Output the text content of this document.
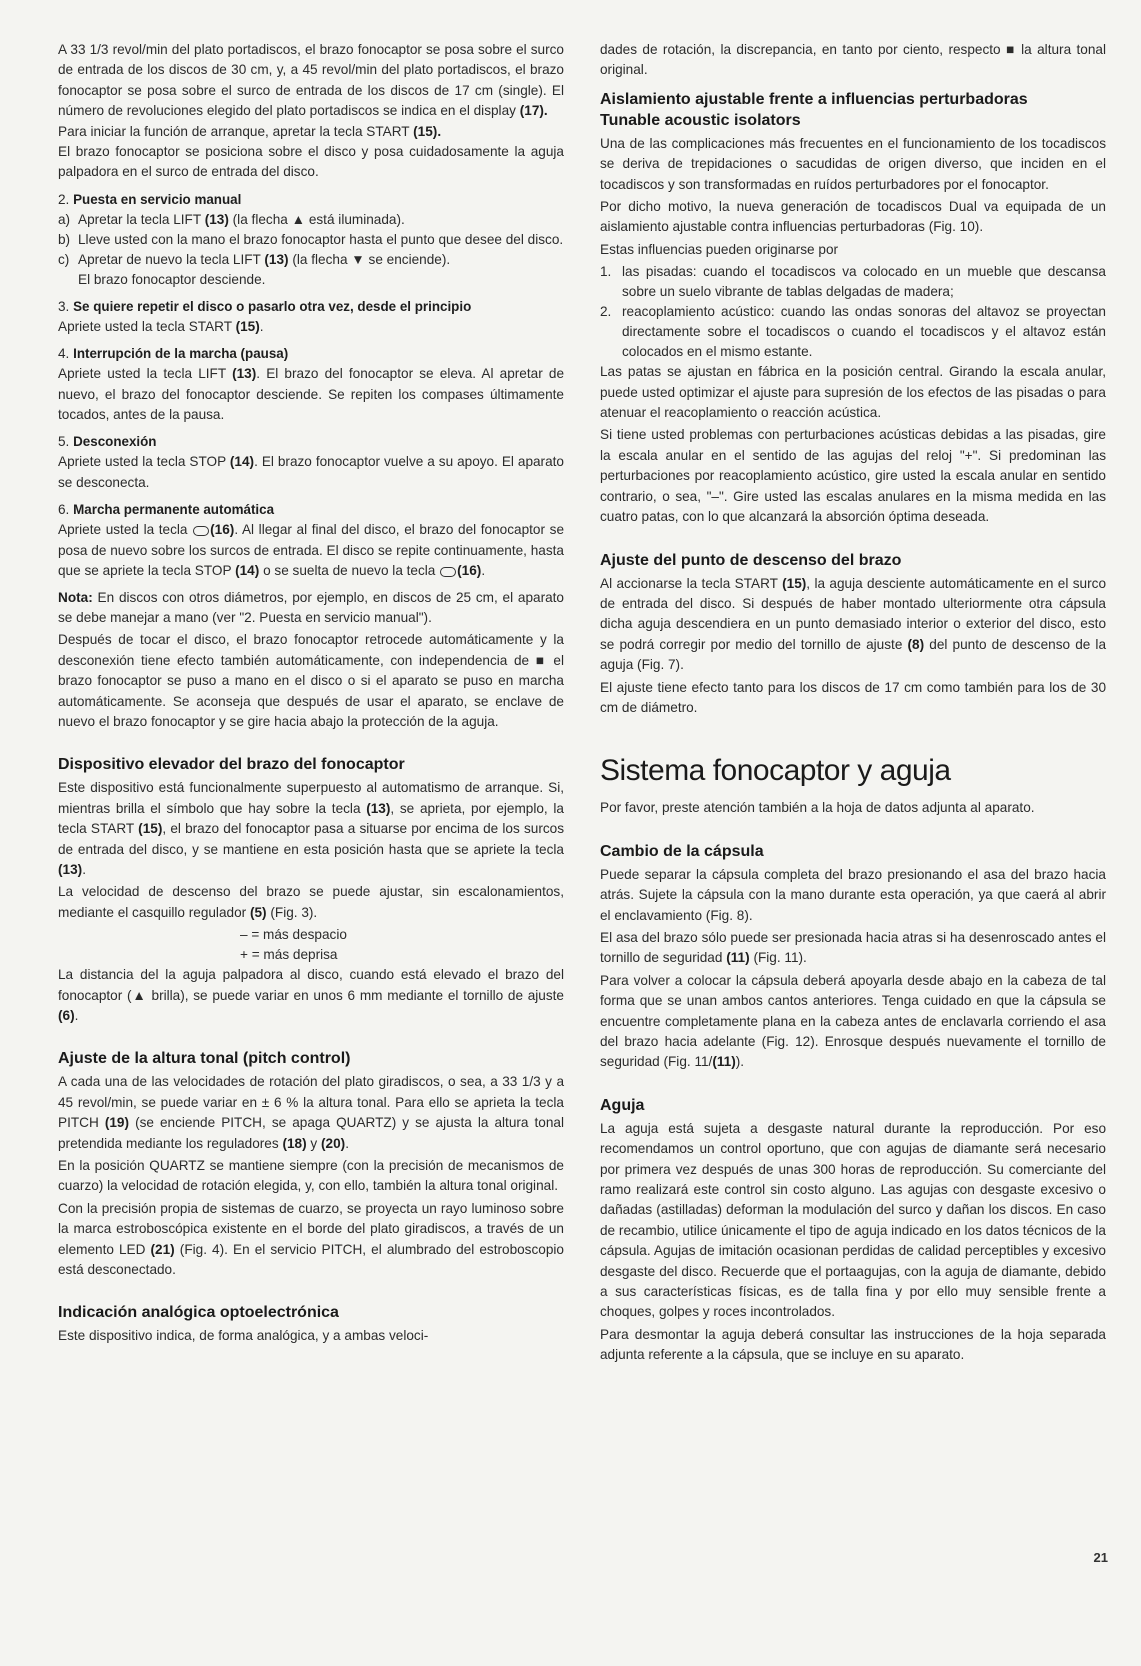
A 33 1/3 revol/min del plato portadiscos, el brazo fonocaptor se posa sobre el surco de entrada de los discos de 30 cm, y, a 45 revol/min del plato portadiscos, el brazo fonocaptor se posa sobre el surco de entrada de los discos de 17 cm (single). El número de revoluciones elegido del plato portadiscos se indica en el display (17).
Para iniciar la función de arranque, apretar la tecla START (15).
El brazo fonocaptor se posiciona sobre el disco y posa cuidadosamente la aguja palpadora en el surco de entrada del disco.

2. Puesta en servicio manual
a) Apretar la tecla LIFT (13) (la flecha ▲ está iluminada).
b) Lleve usted con la mano el brazo fonocaptor hasta el punto que desee del disco.
c) Apretar de nuevo la tecla LIFT (13) (la flecha ▼ se enciende).
El brazo fonocaptor desciende.
3. Se quiere repetir el disco o pasarlo otra vez, desde el principio

Apriete usted la tecla START (15).

4. Interrupción de la marcha (pausa)

Apriete usted la tecla LIFT (13). El brazo del fonocaptor se eleva. Al apretar de nuevo, el brazo del fonocaptor desciende. Se repiten los compases últimamente tocados, antes de la pausa.

5. Desconexión

Apriete usted la tecla STOP (14). El brazo fonocaptor vuelve a su apoyo. El aparato se desconecta.

6. Marcha permanente automática

Apriete usted la tecla (16). Al llegar al final del disco, el brazo del fonocaptor se posa de nuevo sobre los surcos de entrada. El disco se repite continuamente, hasta que se apriete la tecla STOP (14) o se suelta de nuevo la tecla (16).

Nota: En discos con otros diámetros, por ejemplo, en discos de 25 cm, el aparato se debe manejar a mano (ver "2. Puesta en servicio manual").

Después de tocar el disco, el brazo fonocaptor retrocede automáticamente y la desconexión tiene efecto también automáticamente, con independencia de ■ el brazo fonocaptor se puso a mano en el disco o si el aparato se puso en marcha automáticamente. Se aconseja que después de usar el aparato, se enclave de nuevo el brazo fonocaptor y se gire hacia abajo la protección de la aguja.

Dispositivo elevador del brazo del fonocaptor

Este dispositivo está funcionalmente superpuesto al automatismo de arranque. Si, mientras brilla el símbolo que hay sobre la tecla (13), se aprieta, por ejemplo, la tecla START (15), el brazo del fonocaptor pasa a situarse por encima de los surcos de entrada del disco, y se mantiene en esta posición hasta que se apriete la tecla (13).

La velocidad de descenso del brazo se puede ajustar, sin escalonamientos, mediante el casquillo regulador (5) (Fig. 3).

– = más despacio
+ = más deprisa

La distancia del la aguja palpadora al disco, cuando está elevado el brazo del fonocaptor (▲ brilla), se puede variar en unos 6 mm mediante el tornillo de ajuste (6).

Ajuste de la altura tonal (pitch control)

A cada una de las velocidades de rotación del plato giradiscos, o sea, a 33 1/3 y a 45 revol/min, se puede variar en ± 6 % la altura tonal. Para ello se aprieta la tecla PITCH (19) (se enciende PITCH, se apaga QUARTZ) y se ajusta la altura tonal pretendida mediante los reguladores (18) y (20).

En la posición QUARTZ se mantiene siempre (con la precisión de mecanismos de cuarzo) la velocidad de rotación elegida, y, con ello, también la altura tonal original.

Con la precisión propia de sistemas de cuarzo, se proyecta un rayo luminoso sobre la marca estroboscópica existente en el borde del plato giradiscos, a través de un elemento LED (21) (Fig. 4). En el servicio PITCH, el alumbrado del estroboscopio está desconectado.

Indicación analógica optoelectrónica

Este dispositivo indica, de forma analógica, y a ambas veloci-

dades de rotación, la discrepancia, en tanto por ciento, respecto ■ la altura tonal original.

Aislamiento ajustable frente a influencias perturbadoras
Tunable acoustic isolators

Una de las complicaciones más frecuentes en el funcionamiento de los tocadiscos se deriva de trepidaciones o sacudidas de origen diverso, que inciden en el tocadiscos y son transformadas en ruídos perturbadores por el fonocaptor.

Por dicho motivo, la nueva generación de tocadiscos Dual va equipada de un aislamiento ajustable contra influencias perturbadoras (Fig. 10).

Estas influencias pueden originarse por

1. las pisadas: cuando el tocadiscos va colocado en un mueble que descansa sobre un suelo vibrante de tablas delgadas de madera;
2. reacoplamiento acústico: cuando las ondas sonoras del altavoz se proyectan directamente sobre el tocadiscos o cuando el tocadiscos y el altavoz están colocados en el mismo estante.

Las patas se ajustan en fábrica en la posición central. Girando la escala anular, puede usted optimizar el ajuste para supresión de los efectos de las pisadas o para atenuar el reacoplamiento o reacción acústica.

Si tiene usted problemas con perturbaciones acústicas debidas a las pisadas, gire la escala anular en el sentido de las agujas del reloj "+". Si predominan las perturbaciones por reacoplamiento acústico, gire usted la escala anular en sentido contrario, o sea, "–". Gire usted las escalas anulares en la misma medida en las cuatro patas, con lo que alcanzará la absorción óptima deseada.

Ajuste del punto de descenso del brazo

Al accionarse la tecla START (15), la aguja desciente automáticamente en el surco de entrada del disco. Si después de haber montado ulteriormente otra cápsula dicha aguja descendiera en un punto demasiado interior o exterior del disco, esto se podrá corregir por medio del tornillo de ajuste (8) del punto de descenso de la aguja (Fig. 7).

El ajuste tiene efecto tanto para los discos de 17 cm como también para los de 30 cm de diámetro.

Sistema fonocaptor y aguja

Por favor, preste atención también a la hoja de datos adjunta al aparato.

Cambio de la cápsula

Puede separar la cápsula completa del brazo presionando el asa del brazo hacia atrás. Sujete la cápsula con la mano durante esta operación, ya que caerá al abrir el enclavamiento (Fig. 8).

El asa del brazo sólo puede ser presionada hacia atras si ha desenroscado antes el tornillo de seguridad (11) (Fig. 11).

Para volver a colocar la cápsula deberá apoyarla desde abajo en la cabeza de tal forma que se unan ambos cantos anteriores. Tenga cuidado en que la cápsula se encuentre completamente plana en la cabeza antes de enclavarla corriendo el asa del brazo hacia adelante (Fig. 12). Enrosque después nuevamente el tornillo de seguridad (Fig. 11/(11)).

Aguja

La aguja está sujeta a desgaste natural durante la reproducción. Por eso recomendamos un control oportuno, que con agujas de diamante será necesario por primera vez después de unas 300 horas de reproducción. Su comerciante del ramo realizará este control sin costo alguno. Las agujas con desgaste excesivo o dañadas (astilladas) deforman la modulación del surco y dañan los discos. En caso de recambio, utilice únicamente el tipo de aguja indicado en los datos técnicos de la cápsula. Agujas de imitación ocasionan perdidas de calidad perceptibles y excesivo desgaste del disco. Recuerde que el portaagujas, con la aguja de diamante, debido a sus características físicas, es de talla fina y por ello muy sensible frente a choques, golpes y roces incontrolados.

Para desmontar la aguja deberá consultar las instrucciones de la hoja separada adjunta referente a la cápsula, que se incluye en su aparato.

21
